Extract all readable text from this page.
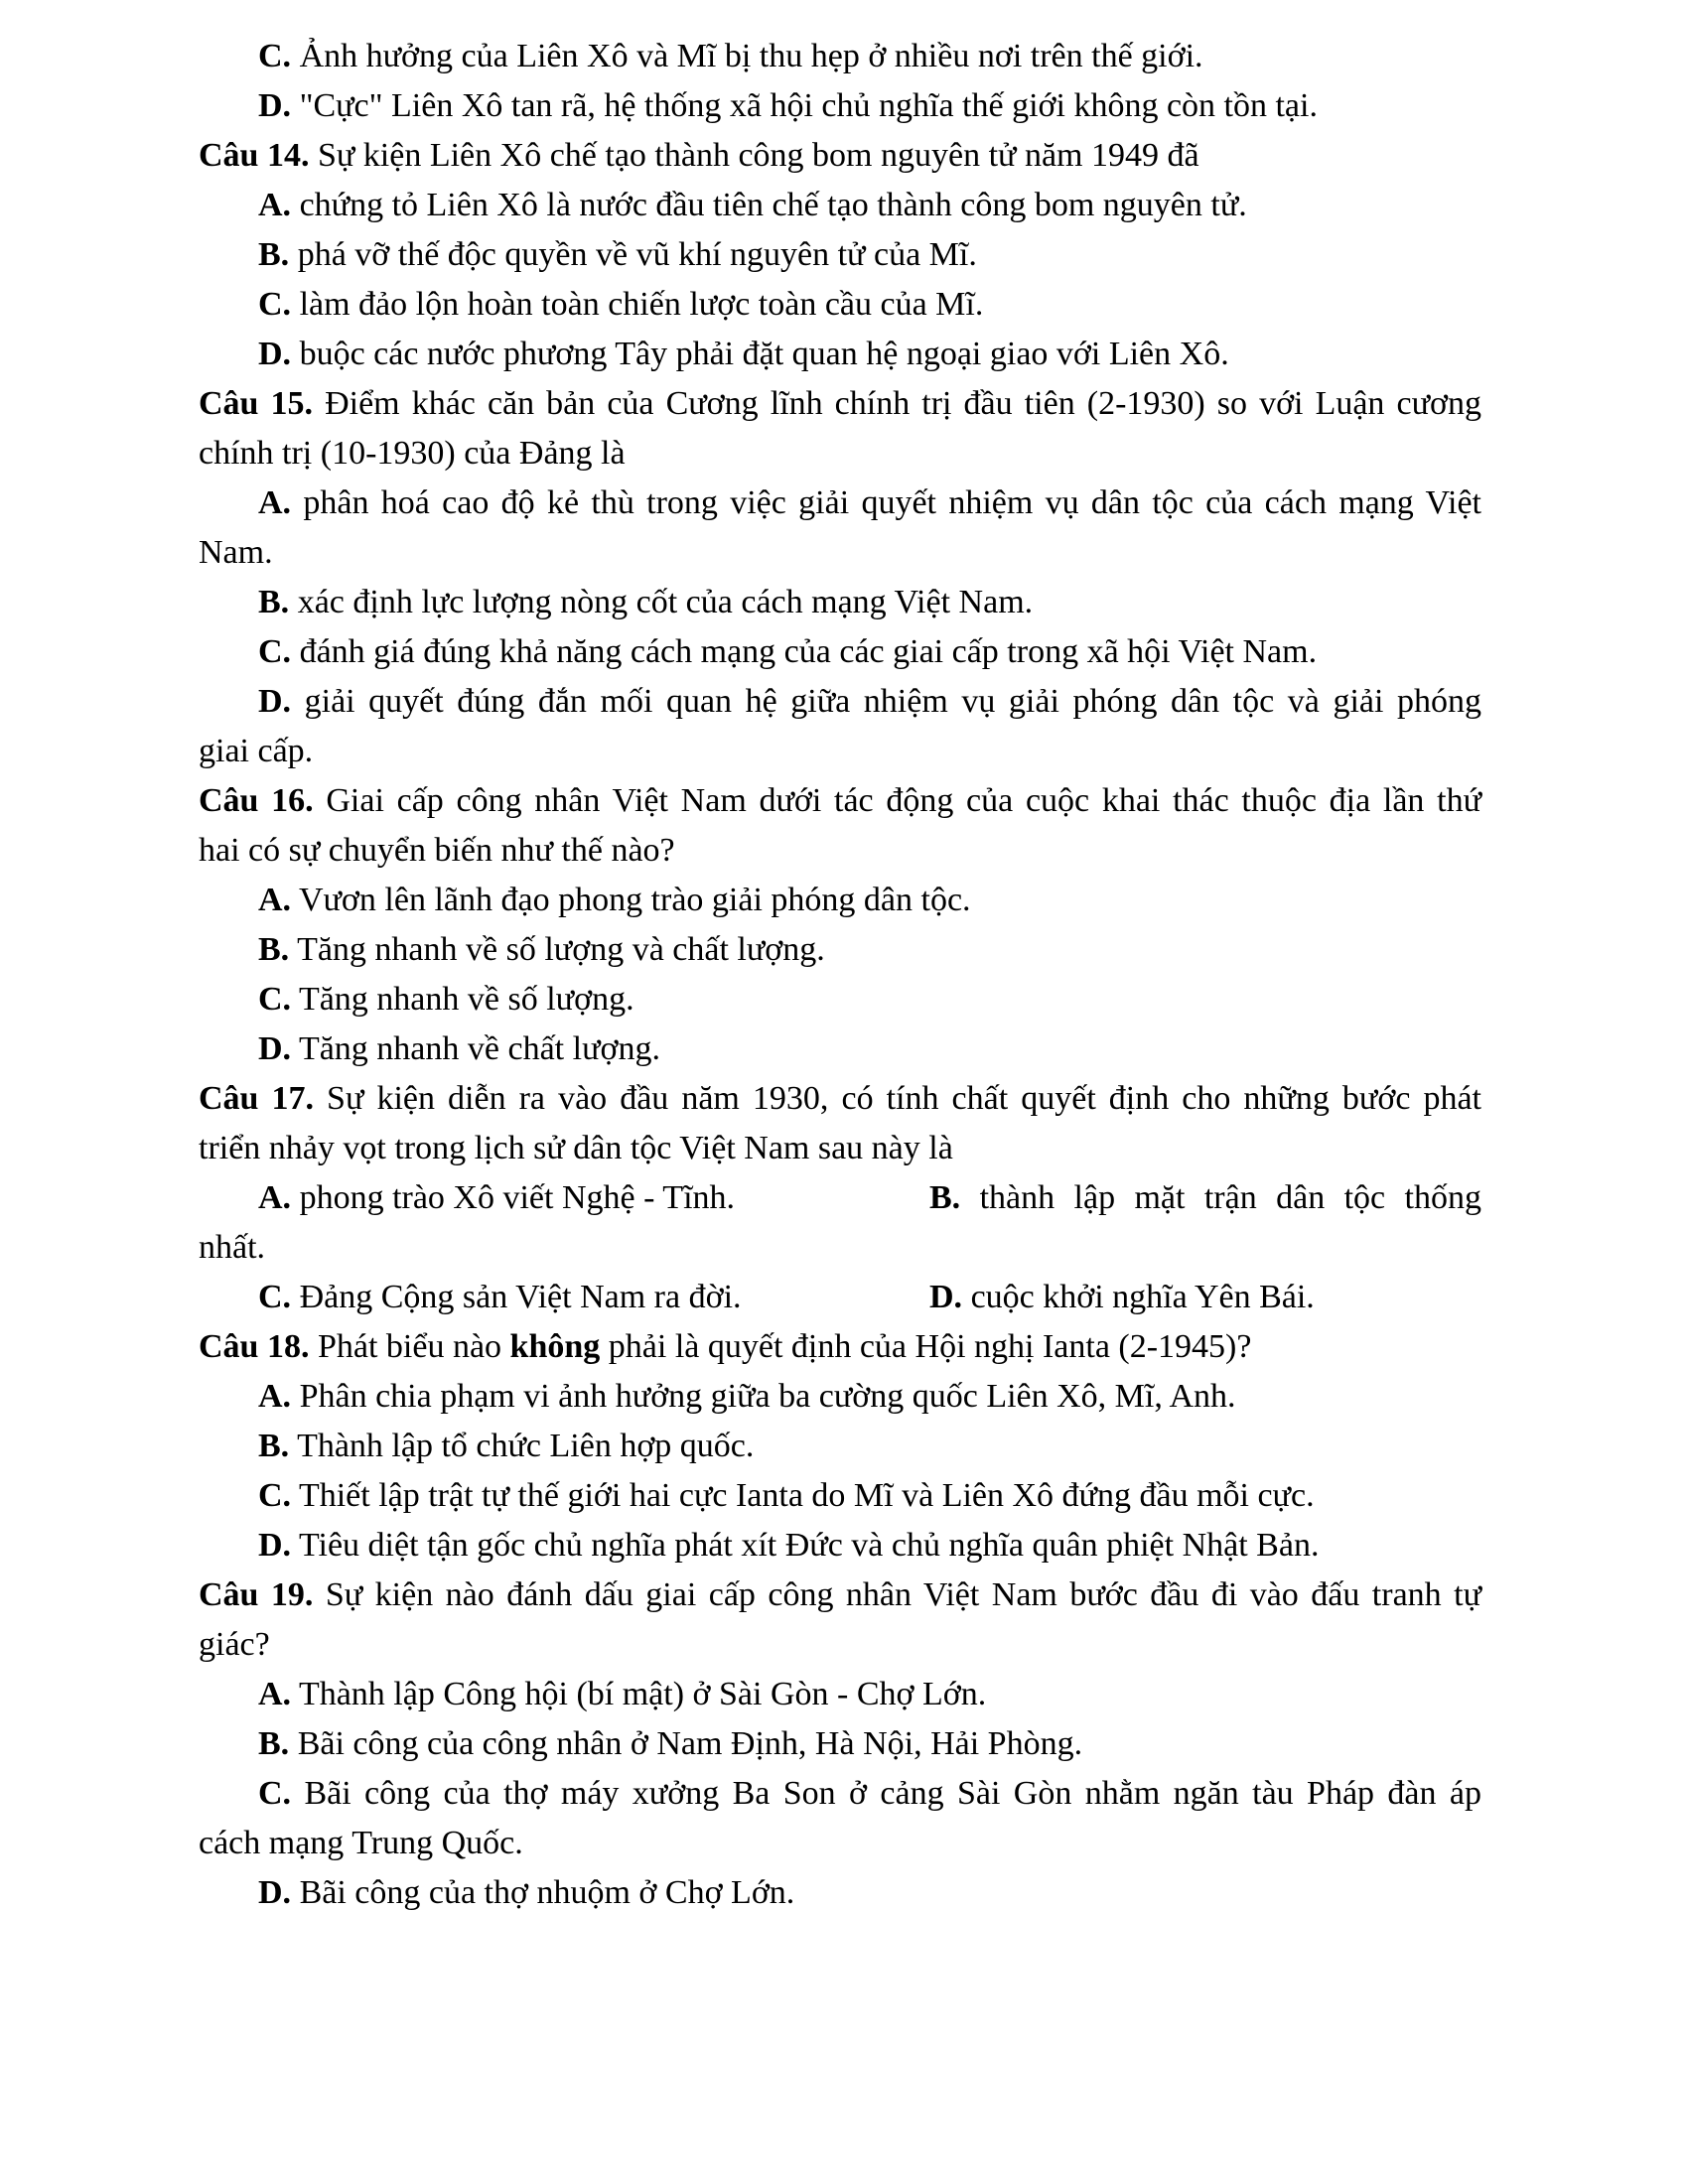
C. Ảnh hưởng của Liên Xô và Mĩ bị thu hẹp ở nhiều nơi trên thế giới.
D. "Cực" Liên Xô tan rã, hệ thống xã hội chủ nghĩa thế giới không còn tồn tại.
Câu 14. Sự kiện Liên Xô chế tạo thành công bom nguyên tử năm 1949 đã
A. chứng tỏ Liên Xô là nước đầu tiên chế tạo thành công bom nguyên tử.
B. phá vỡ thế độc quyền về vũ khí nguyên tử của Mĩ.
C. làm đảo lộn hoàn toàn chiến lược toàn cầu của Mĩ.
D. buộc các nước phương Tây phải đặt quan hệ ngoại giao với Liên Xô.
Câu 15. Điểm khác căn bản của Cương lĩnh chính trị đầu tiên (2-1930) so với Luận cương
chính trị (10-1930) của Đảng là
A. phân hoá cao độ kẻ thù trong việc giải quyết nhiệm vụ dân tộc của cách mạng Việt
Nam.
B. xác định lực lượng nòng cốt của cách mạng Việt Nam.
C. đánh giá đúng khả năng cách mạng của các giai cấp trong xã hội Việt Nam.
D. giải quyết đúng đắn mối quan hệ giữa nhiệm vụ giải phóng dân tộc và giải phóng
giai cấp.
Câu 16. Giai cấp công nhân Việt Nam dưới tác động của cuộc khai thác thuộc địa lần thứ
hai có sự chuyển biến như thế nào?
A. Vươn lên lãnh đạo phong trào giải phóng dân tộc.
B. Tăng nhanh về số lượng và chất lượng.
C. Tăng nhanh về số lượng.
D. Tăng nhanh về chất lượng.
Câu 17. Sự kiện diễn ra vào đầu năm 1930, có tính chất quyết định cho những bước phát
triển nhảy vọt trong lịch sử dân tộc Việt Nam sau này là
A. phong trào Xô viết Nghệ - Tĩnh.	B. thành lập mặt trận dân tộc thống
nhất.
C. Đảng Cộng sản Việt Nam ra đời.	D. cuộc khởi nghĩa Yên Bái.
Câu 18. Phát biểu nào không phải là quyết định của Hội nghị Ianta (2-1945)?
A. Phân chia phạm vi ảnh hưởng giữa ba cường quốc Liên Xô, Mĩ, Anh.
B. Thành lập tổ chức Liên hợp quốc.
C. Thiết lập trật tự thế giới hai cực Ianta do Mĩ và Liên Xô đứng đầu mỗi cực.
D. Tiêu diệt tận gốc chủ nghĩa phát xít Đức và chủ nghĩa quân phiệt Nhật Bản.
Câu 19. Sự kiện nào đánh dấu giai cấp công nhân Việt Nam bước đầu đi vào đấu tranh tự
giác?
A. Thành lập Công hội (bí mật) ở Sài Gòn - Chợ Lớn.
B. Bãi công của công nhân ở Nam Định, Hà Nội, Hải Phòng.
C. Bãi công của thợ máy xưởng Ba Son ở cảng Sài Gòn nhằm ngăn tàu Pháp đàn áp
cách mạng Trung Quốc.
D. Bãi công của thợ nhuộm ở Chợ Lớn.
